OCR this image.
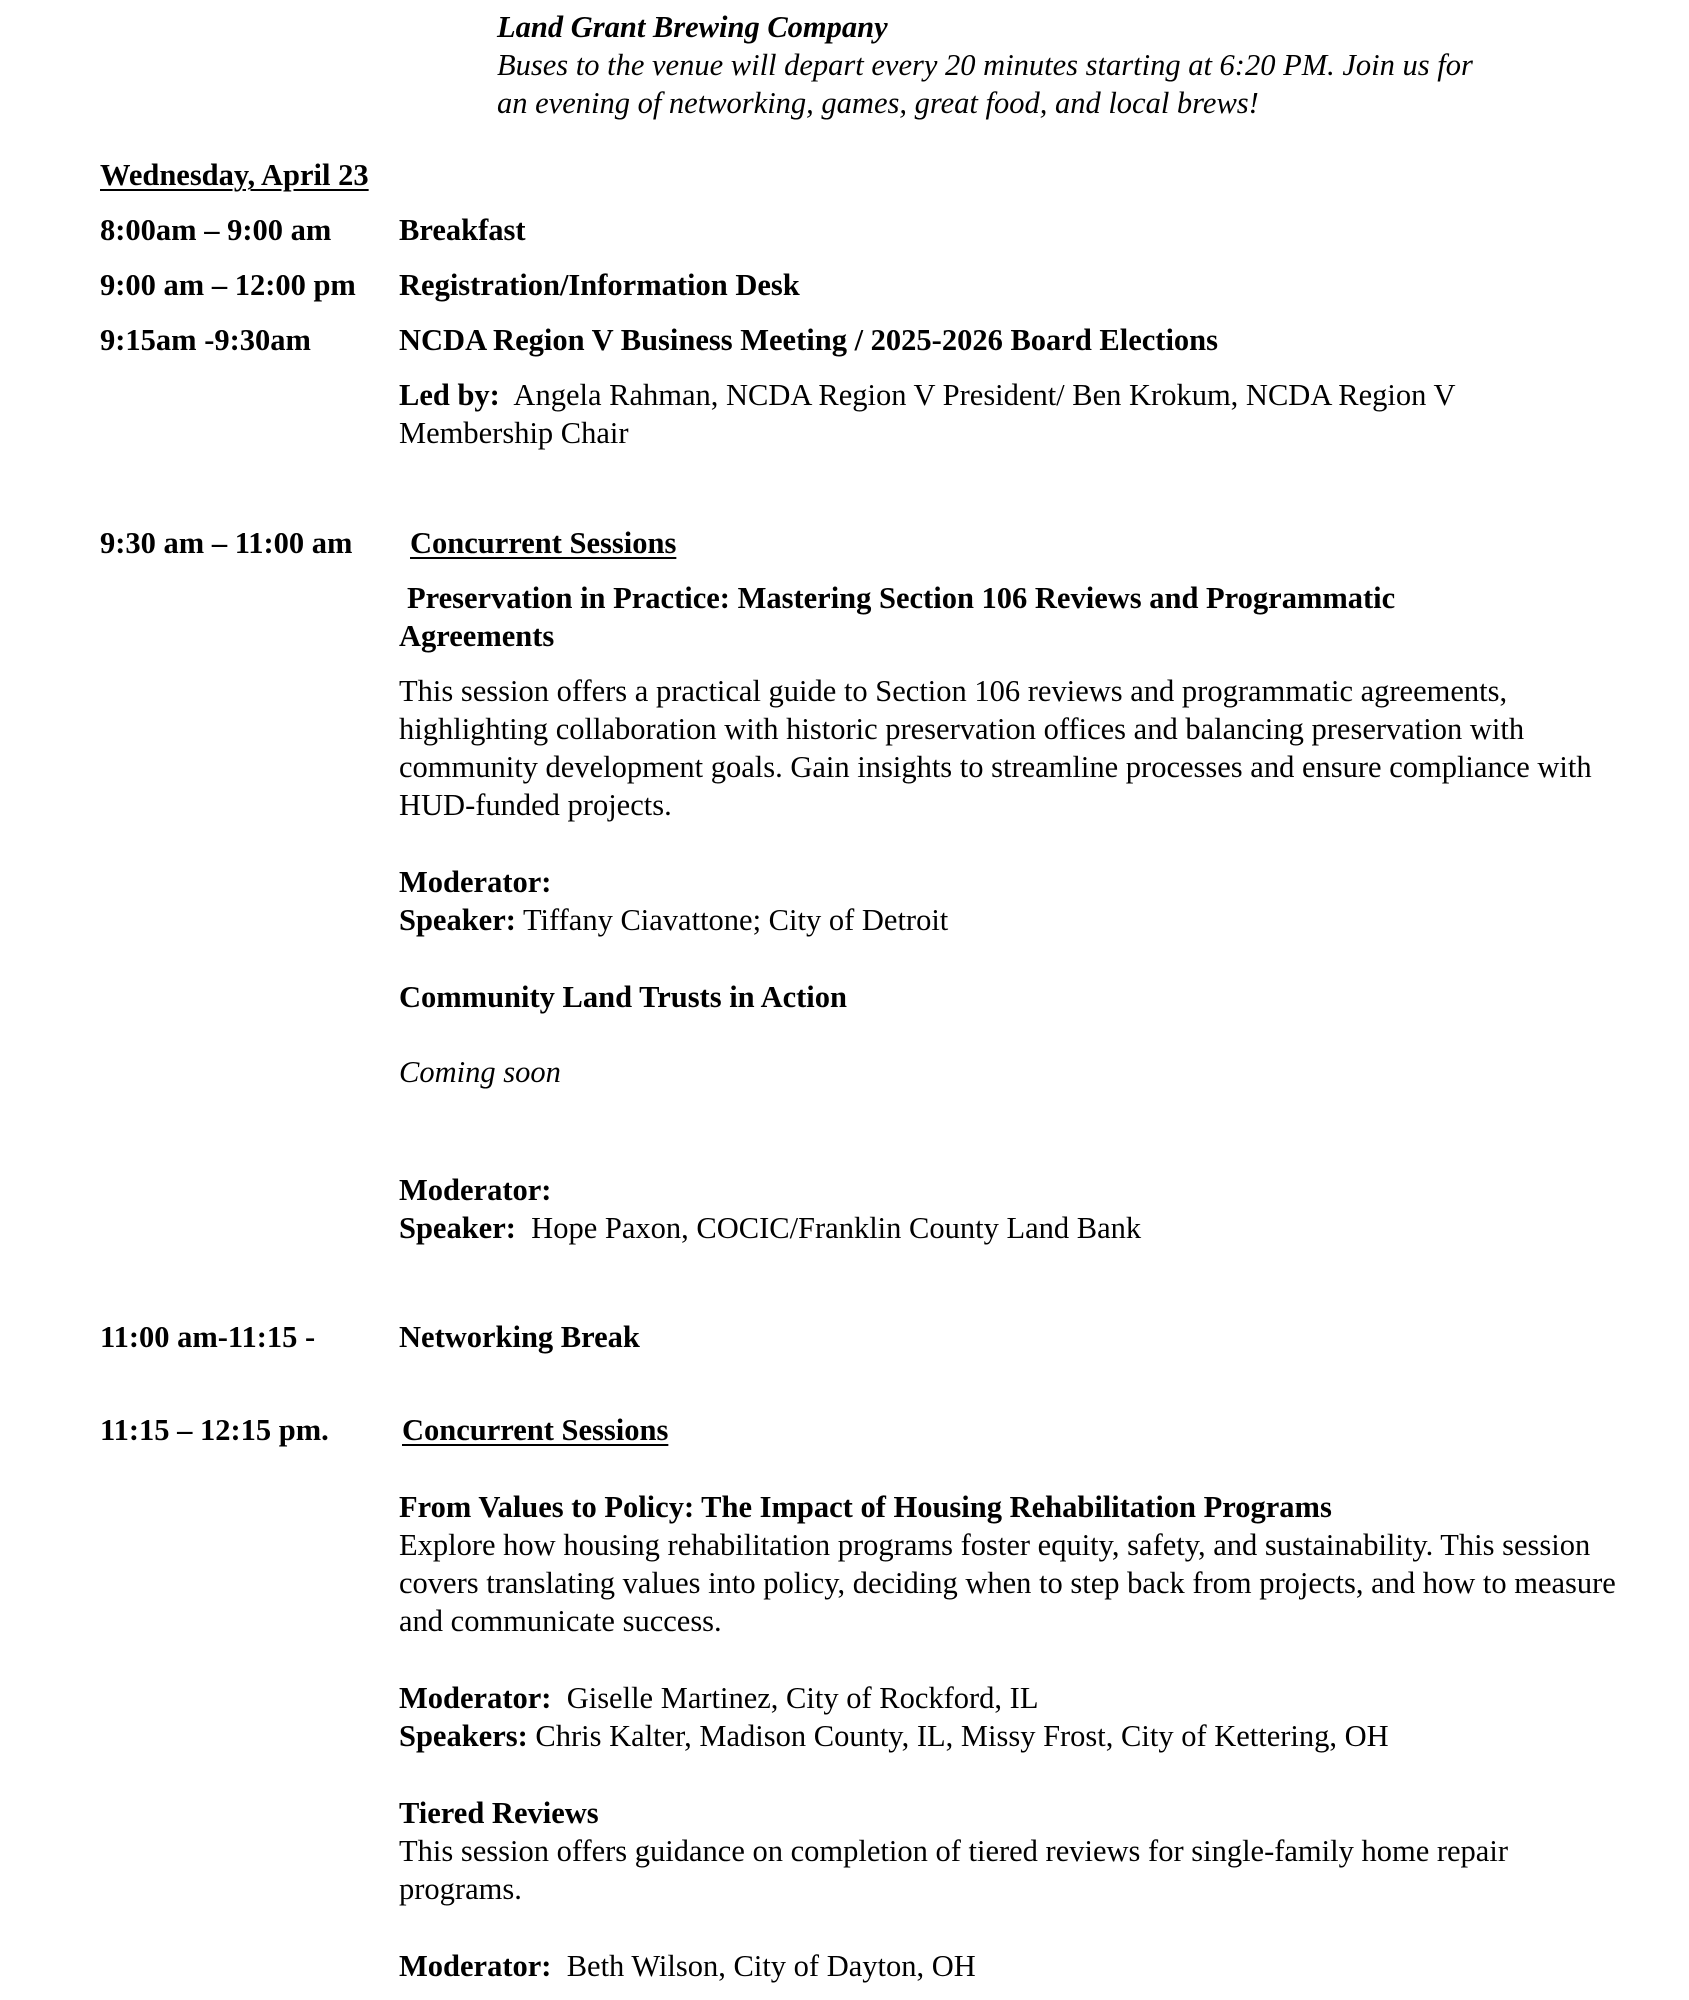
Land Grant Brewing Company
Buses to the venue will depart every 20 minutes starting at 6:20 PM. Join us for
an evening of networking, games, great food, and local brews!
Wednesday, April 23
8:00am – 9:00 am Breakfast
9:00 am – 12:00 pm Registration/Information Desk
9:15am -9:30am	NCDA Region V Business Meeting / 2025-2026 Board Elections
Led by: Angela Rahman, NCDA Region V President/ Ben Krokum, NCDA Region V
Membership Chair
9:30 am – 11:00 am Concurrent Sessions
Preservation in Practice: Mastering Section 106 Reviews and Programmatic
Agreements
This session offers a practical guide to Section 106 reviews and programmatic agreements, highlighting collaboration with historic preservation offices and balancing preservation with community development goals. Gain insights to streamline processes and ensure compliance with HUD-funded projects.
Moderator:
Speaker: Tiffany Ciavattone; City of Detroit
Community Land Trusts in Action
Coming soon
Moderator:
Speaker: Hope Paxon, COCIC/Franklin County Land Bank
11:00 am-11:15 -	Networking Break
11:15 – 12:15 pm. Concurrent Sessions
From Values to Policy: The Impact of Housing Rehabilitation Programs
Explore how housing rehabilitation programs foster equity, safety, and sustainability. This session covers translating values into policy, deciding when to step back from projects, and how to measure and communicate success.
Moderator: Giselle Martinez, City of Rockford, IL
Speakers: Chris Kalter, Madison County, IL, Missy Frost, City of Kettering, OH
Tiered Reviews
This session offers guidance on completion of tiered reviews for single-family home repair programs.
Moderator: Beth Wilson, City of Dayton, OH
